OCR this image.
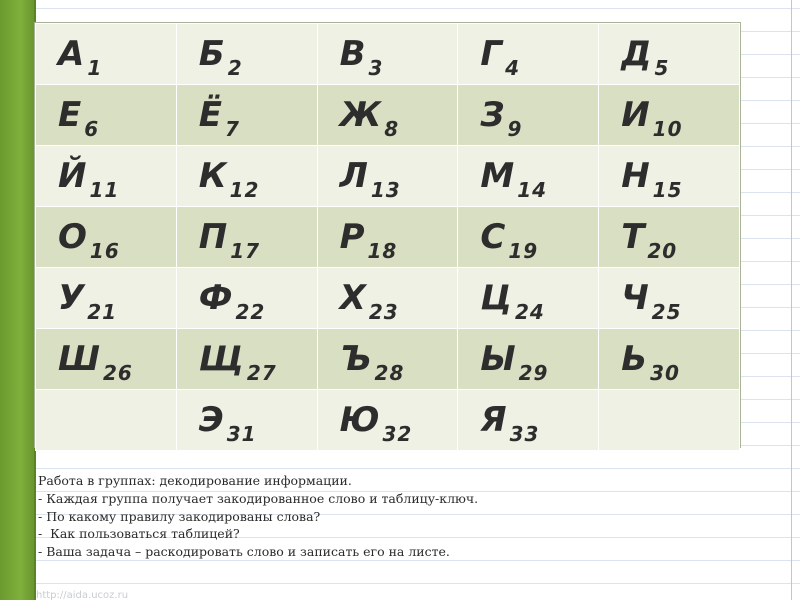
А $_1$	Б $_2$	В $_3$	Г $_4$	Д $_5$
Е $_6$	Ё $_7$	Ж $_8$	З $_9$	И $_{10}$
Й $_{11}$	К $_{12}$	Л $_{13}$	М $_{14}$	Н $_{15}$
О $_{16}$	П $_{17}$	Р $_{18}$	С $_{19}$	Т $_{20}$
У $_{21}$	Ф $_{22}$	Х $_{23}$	Ц $_{24}$	Ч $_{25}$
Ш $_{26}$	Щ $_{27}$	Ъ $_{28}$	Ы $_{29}$	Ь $_{30}$
	Э $_{31}$	Ю $_{32}$	Я $_{33}$	
Работа в группах: декодирование информации.
- Каждая группа получает закодированное слово и таблицу-ключ.
- По какому правилу закодированы слова?
-  Как пользоваться таблицей?
- Ваша задача – раскодировать слово и записать его на листе.
http://aida.ucoz.ru
